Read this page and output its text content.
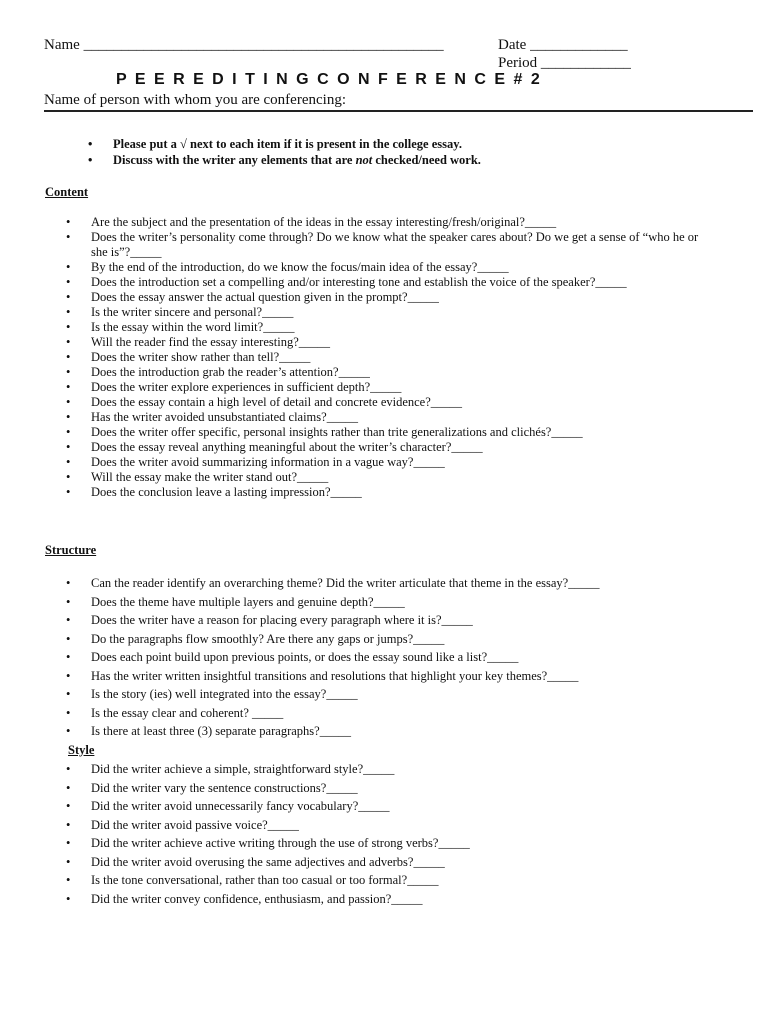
Name ________________________________________________	Date _____________
Period ____________
P E E R E D I T I N G C O N F E R E N C E # 2
Name of person with whom you are conferencing:
• Please put a √ next to each item if it is present in the college essay.
• Discuss with the writer any elements that are not checked/need work.
Content
• Are the subject and the presentation of the ideas in the essay interesting/fresh/original?_____
• Does the writer’s personality come through? Do we know what the speaker cares about? Do we get a sense of “who he or she is”?_____
• By the end of the introduction, do we know the focus/main idea of the essay?_____
• Does the introduction set a compelling and/or interesting tone and establish the voice of the speaker?_____
• Does the essay answer the actual question given in the prompt?_____
• Is the writer sincere and personal?_____
• Is the essay within the word limit?_____
• Will the reader find the essay interesting?_____
• Does the writer show rather than tell?_____
• Does the introduction grab the reader’s attention?_____
• Does the writer explore experiences in sufficient depth?_____
• Does the essay contain a high level of detail and concrete evidence?_____
• Has the writer avoided unsubstantiated claims?_____
• Does the writer offer specific, personal insights rather than trite generalizations and clichés?_____
• Does the essay reveal anything meaningful about the writer’s character?_____
• Does the writer avoid summarizing information in a vague way?_____
• Will the essay make the writer stand out?_____
• Does the conclusion leave a lasting impression?_____
Structure
• Can the reader identify an overarching theme? Did the writer articulate that theme in the essay?_____
• Does the theme have multiple layers and genuine depth?_____
• Does the writer have a reason for placing every paragraph where it is?_____
• Do the paragraphs flow smoothly? Are there any gaps or jumps?_____
• Does each point build upon previous points, or does the essay sound like a list?_____
• Has the writer written insightful transitions and resolutions that highlight your key themes?_____
• Is the story (ies) well integrated into the essay?_____
• Is the essay clear and coherent? _____
• Is there at least three (3) separate paragraphs?_____
Style
• Did the writer achieve a simple, straightforward style?_____
• Did the writer vary the sentence constructions?_____
• Did the writer avoid unnecessarily fancy vocabulary?_____
• Did the writer avoid passive voice?_____
• Did the writer achieve active writing through the use of strong verbs?_____
• Did the writer avoid overusing the same adjectives and adverbs?_____
• Is the tone conversational, rather than too casual or too formal?_____
• Did the writer convey confidence, enthusiasm, and passion?_____
